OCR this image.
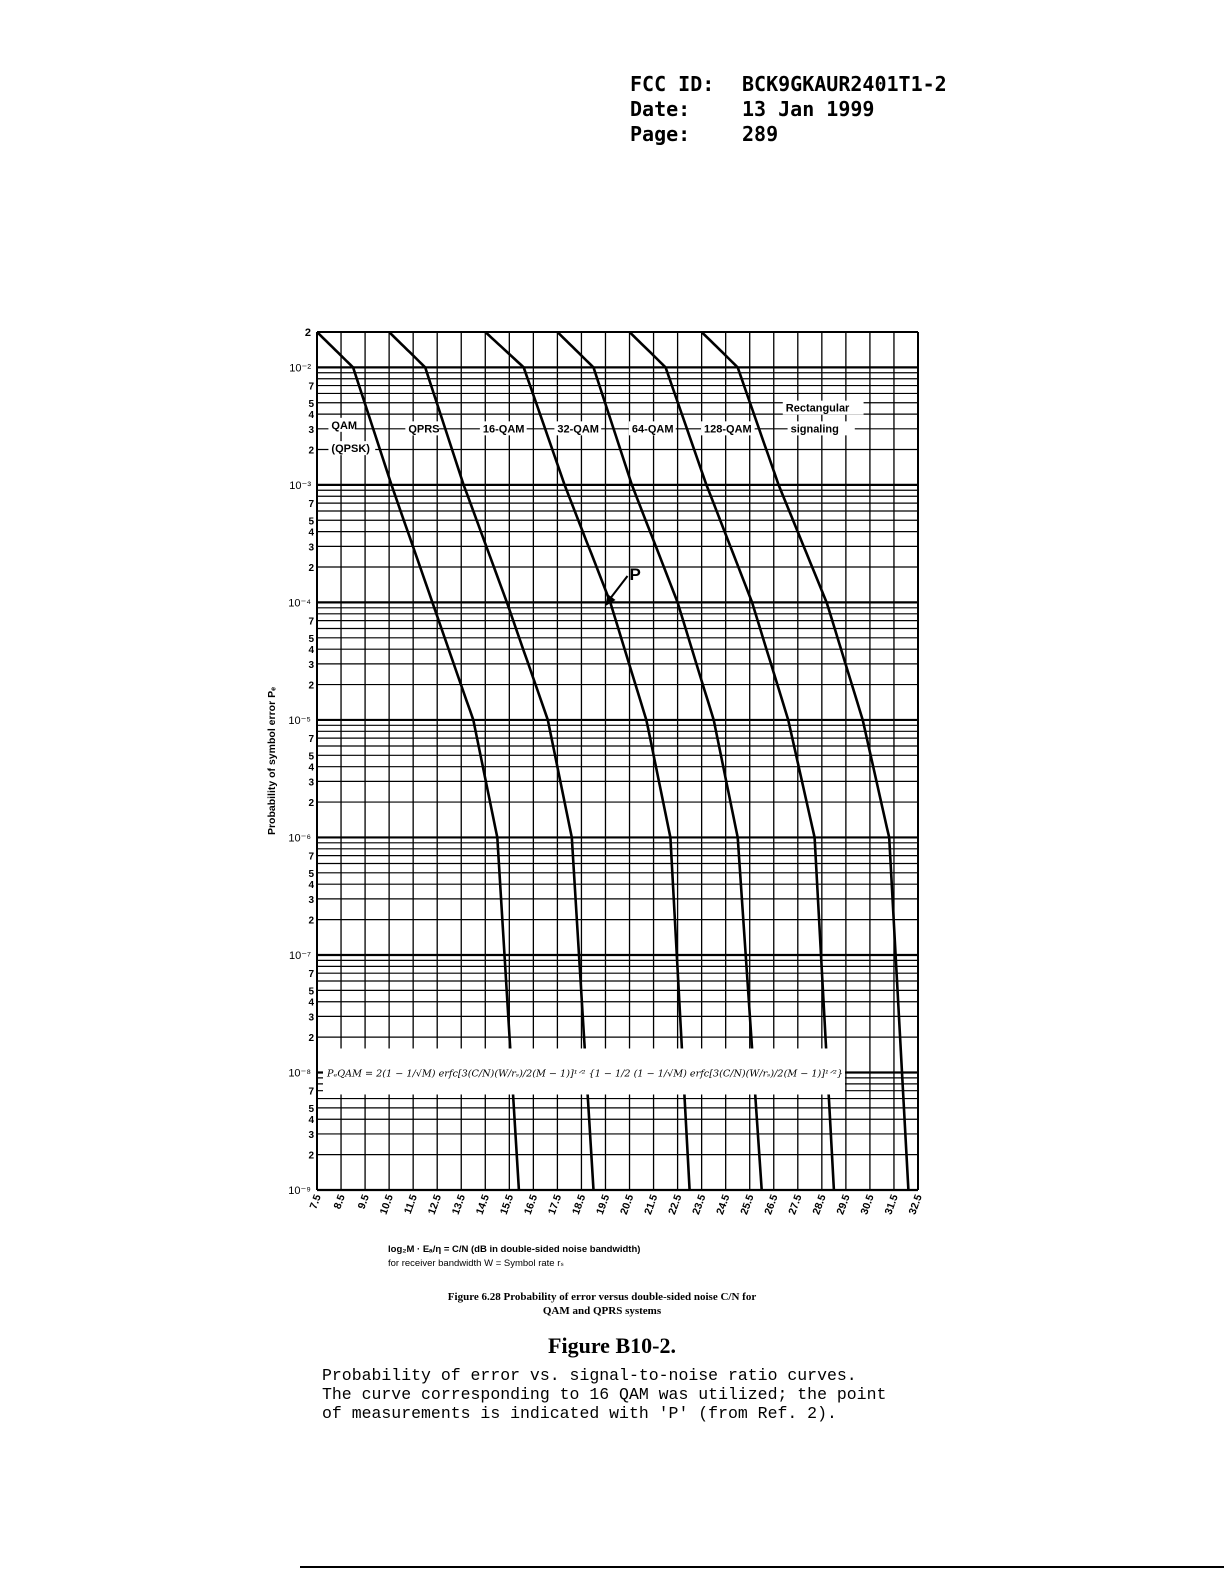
FCC ID:	BCK9GKAUR2401T1-2
Date:	13 Jan 1999
Page:	289
10⁻²
10⁻³
10⁻⁴
10⁻⁵
10⁻⁶
10⁻⁷
10⁻⁸
10⁻⁹
2
7
5
4
3
2
7
5
4
3
2
7
5
4
3
2
7
5
4
3
2
7
5
4
3
2
7
5
4
3
2
7
5
4
3
2
7.5 8.5 9.5 10.5 11.5 12.5 13.5 14.5 15.5 16.5 17.5 18.5 19.5 20.5 21.5 22.5 23.5 24.5 25.5 26.5 27.5 28.5 29.5 30.5 31.5 32.5
QAM
(QPSK)
QPRS	16-QAM	32-QAM	64-QAM	128-QAM
Rectangular
signaling
P
PₑQAM = 2(1 − 1/√M) erfc[3(C/N)(W/rₛ)/2(M − 1)]¹ᐟ² {1 − 1/2 (1 − 1/√M) erfc[3(C/N)(W/rₛ)/2(M − 1)]¹ᐟ²}
Probability of symbol error Pₑ
log₂M · Eₐ/η = C/N (dB in double-sided noise bandwidth)
for receiver bandwidth W = Symbol rate rₛ
Figure 6.28 Probability of error versus double-sided noise C/N for
QAM and QPRS systems
Figure B10-2.
Probability of error vs. signal-to-noise ratio curves.
The curve corresponding to 16 QAM was utilized; the point
of measurements is indicated with 'P' (from Ref. 2).
